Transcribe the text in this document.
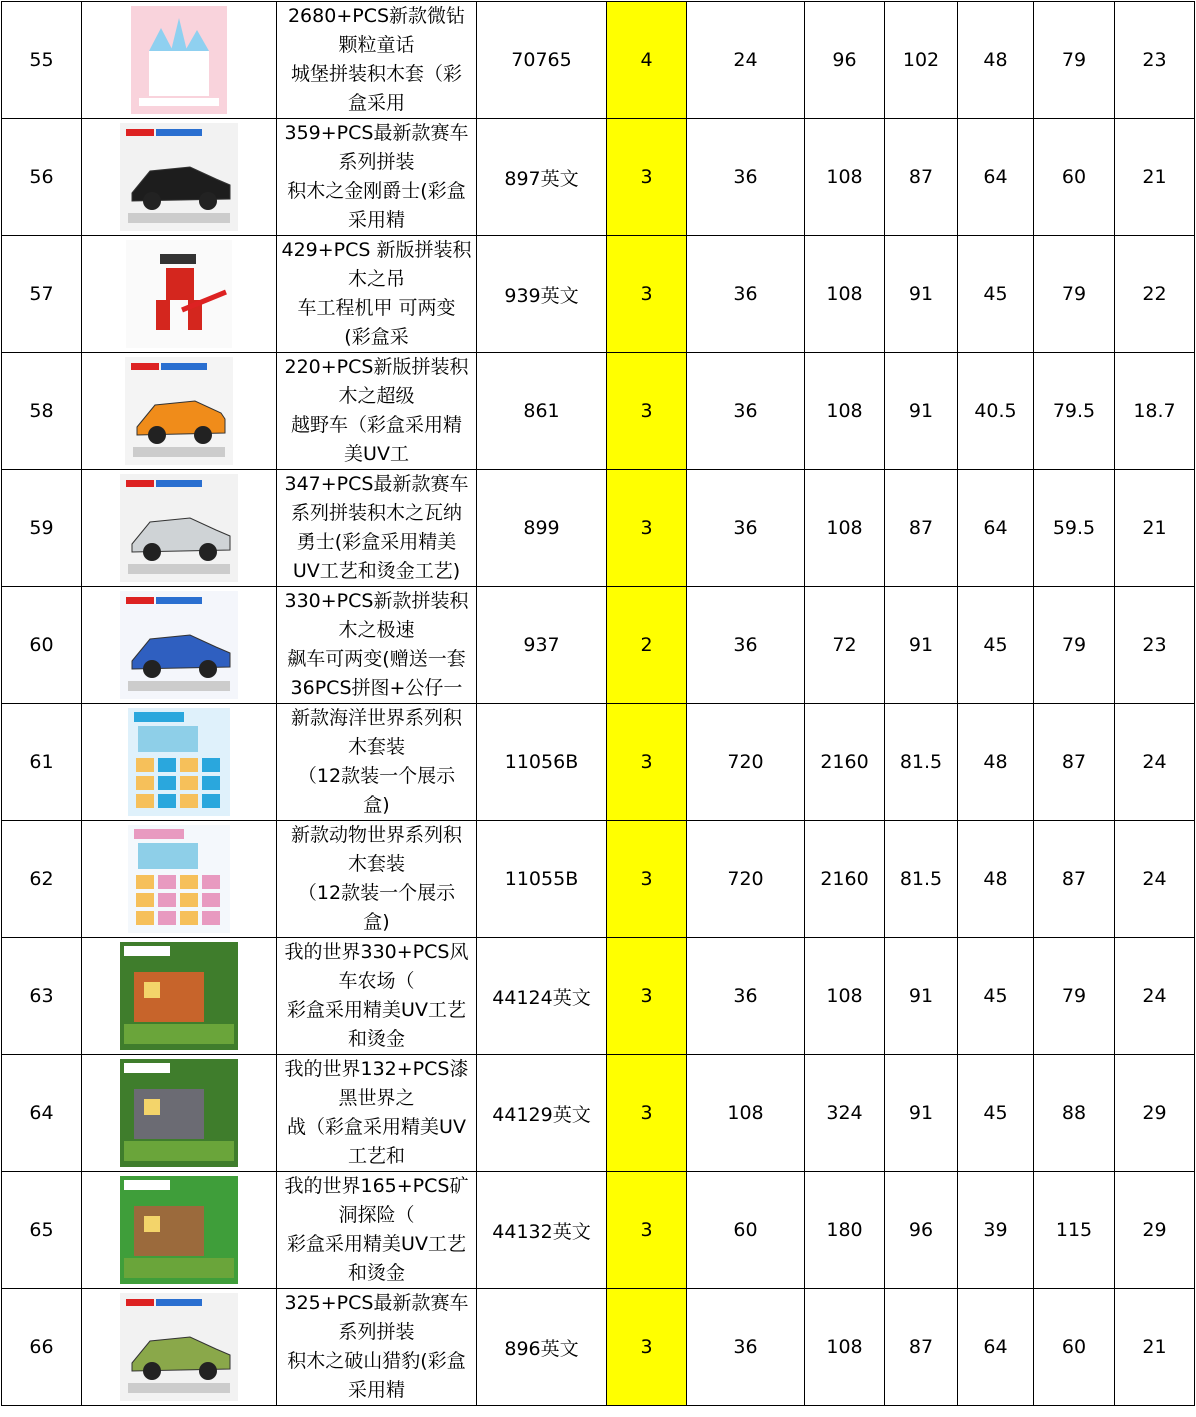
55		2680+PCS新款微钻
颗粒童话
城堡拼装积木套（彩
盒采用	70765	4	24	96	102	48	79	23
56		359+PCS最新款赛车
系列拼装
积木之金刚爵士(彩盒
采用精	897英文	3	36	108	87	64	60	21
57		429+PCS 新版拼装积
木之吊
车工程机甲 可两变
(彩盒采	939英文	3	36	108	91	45	79	22
58		220+PCS新版拼装积
木之超级
越野车（彩盒采用精
美UV工	861	3	36	108	91	40.5	79.5	18.7
59		347+PCS最新款赛车
系列拼装积木之瓦纳
勇士(彩盒采用精美
UV工艺和烫金工艺)	899	3	36	108	87	64	59.5	21
60		330+PCS新款拼装积
木之极速
飙车可两变(赠送一套
36PCS拼图+公仔一	937	2	36	72	91	45	79	23
61		新款海洋世界系列积
木套装
（12款装一个展示
盒)	11056B	3	720	2160	81.5	48	87	24
62		新款动物世界系列积
木套装
（12款装一个展示
盒)	11055B	3	720	2160	81.5	48	87	24
63		我的世界330+PCS风
车农场（
彩盒采用精美UV工艺
和烫金	44124英文	3	36	108	91	45	79	24
64		我的世界132+PCS漆
黑世界之
战（彩盒采用精美UV
工艺和	44129英文	3	108	324	91	45	88	29
65		我的世界165+PCS矿
洞探险（
彩盒采用精美UV工艺
和烫金	44132英文	3	60	180	96	39	115	29
66		325+PCS最新款赛车
系列拼装
积木之破山猎豹(彩盒
采用精	896英文	3	36	108	87	64	60	21
